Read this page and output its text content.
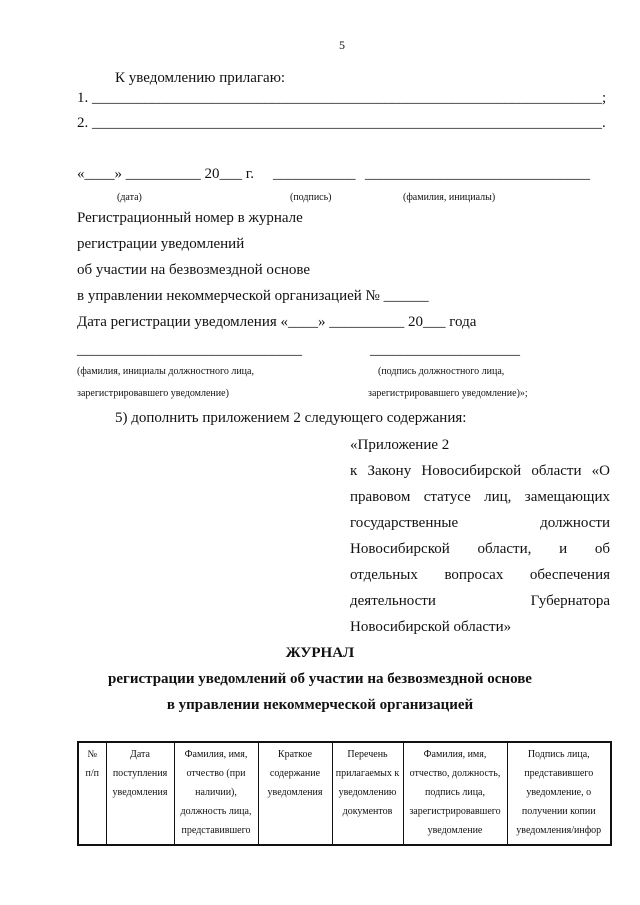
5
К уведомлению прилагаю:
1. ____________________________________________________________________;
2. ____________________________________________________________________.
«____» __________ 20___ г. ___________ ______________________________
(дата)	(подпись)	(фамилия, инициалы)
Регистрационный номер в журнале
регистрации уведомлений
об участии на безвозмездной основе
в управлении некоммерческой организацией № ______
Дата регистрации уведомления «____» __________ 20___ года
______________________________	____________________
(фамилия, инициалы должностного лица,
зарегистрировавшего уведомление)
(подпись должностного лица,
зарегистрировавшего уведомление)»;
5) дополнить приложением 2 следующего содержания:
«Приложение 2
к Закону Новосибирской области «О
правовом статусе лиц, замещающих
государственные должности
Новосибирской области, и об
отдельных вопросах обеспечения
деятельности Губернатора
Новосибирской области»
ЖУРНАЛ
регистрации уведомлений об участии на безвозмездной основе
в управлении некоммерческой организацией
№
п/п

Дата
поступления
уведомления

Фамилия, имя,
отчество (при
наличии),
должность лица,
представившего

Краткое
содержание
уведомления

Перечень
прилагаемых к
уведомлению
документов

Фамилия, имя,
отчество, должность,
подпись лица,
зарегистрировавшего
уведомление

Подпись лица,
представившего
уведомление, о
получении копии
уведомления/инфор
